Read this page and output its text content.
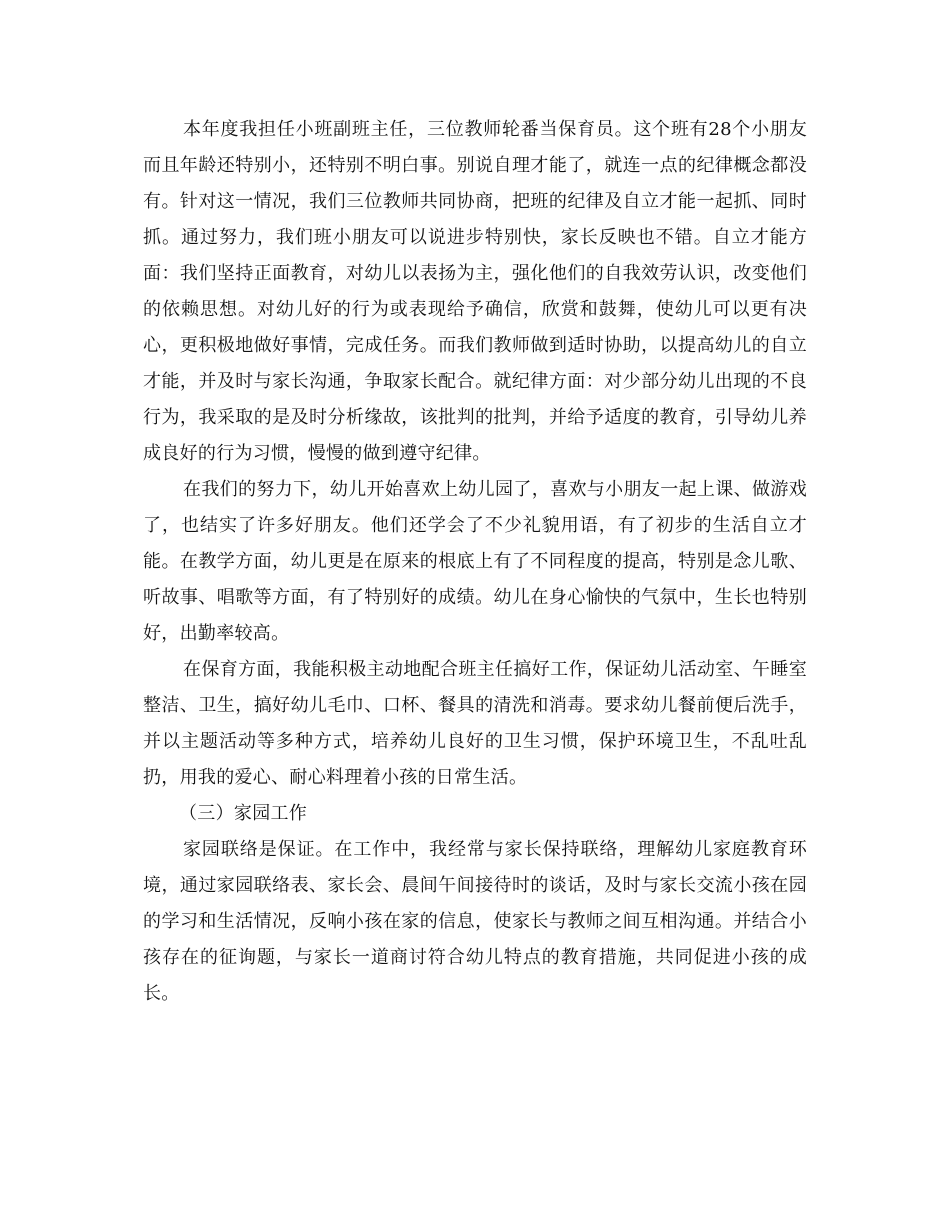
本年度我担任小班副班主任，三位教师轮番当保育员。这个班有28个小朋友而且年龄还特别小，还特别不明白事。别说自理才能了，就连一点的纪律概念都没有。针对这一情况，我们三位教师共同协商，把班的纪律及自立才能一起抓、同时抓。通过努力，我们班小朋友可以说进步特别快，家长反映也不错。自立才能方面：我们坚持正面教育，对幼儿以表扬为主，强化他们的自我效劳认识，改变他们的依赖思想。对幼儿好的行为或表现给予确信，欣赏和鼓舞，使幼儿可以更有决心，更积极地做好事情，完成任务。而我们教师做到适时协助，以提高幼儿的自立才能，并及时与家长沟通，争取家长配合。就纪律方面：对少部分幼儿出现的不良行为，我采取的是及时分析缘故，该批判的批判，并给予适度的教育，引导幼儿养成良好的行为习惯，慢慢的做到遵守纪律。

在我们的努力下，幼儿开始喜欢上幼儿园了，喜欢与小朋友一起上课、做游戏了，也结实了许多好朋友。他们还学会了不少礼貌用语，有了初步的生活自立才能。在教学方面，幼儿更是在原来的根底上有了不同程度的提高，特别是念儿歌、听故事、唱歌等方面，有了特别好的成绩。幼儿在身心愉快的气氛中，生长也特别好，出勤率较高。

在保育方面，我能积极主动地配合班主任搞好工作，保证幼儿活动室、午睡室整洁、卫生，搞好幼儿毛巾、口杯、餐具的清洗和消毒。要求幼儿餐前便后洗手，并以主题活动等多种方式，培养幼儿良好的卫生习惯，保护环境卫生，不乱吐乱扔，用我的爱心、耐心料理着小孩的日常生活。

（三）家园工作

家园联络是保证。在工作中，我经常与家长保持联络，理解幼儿家庭教育环境，通过家园联络表、家长会、晨间午间接待时的谈话，及时与家长交流小孩在园的学习和生活情况，反响小孩在家的信息，使家长与教师之间互相沟通。并结合小孩存在的征询题，与家长一道商讨符合幼儿特点的教育措施，共同促进小孩的成长。
